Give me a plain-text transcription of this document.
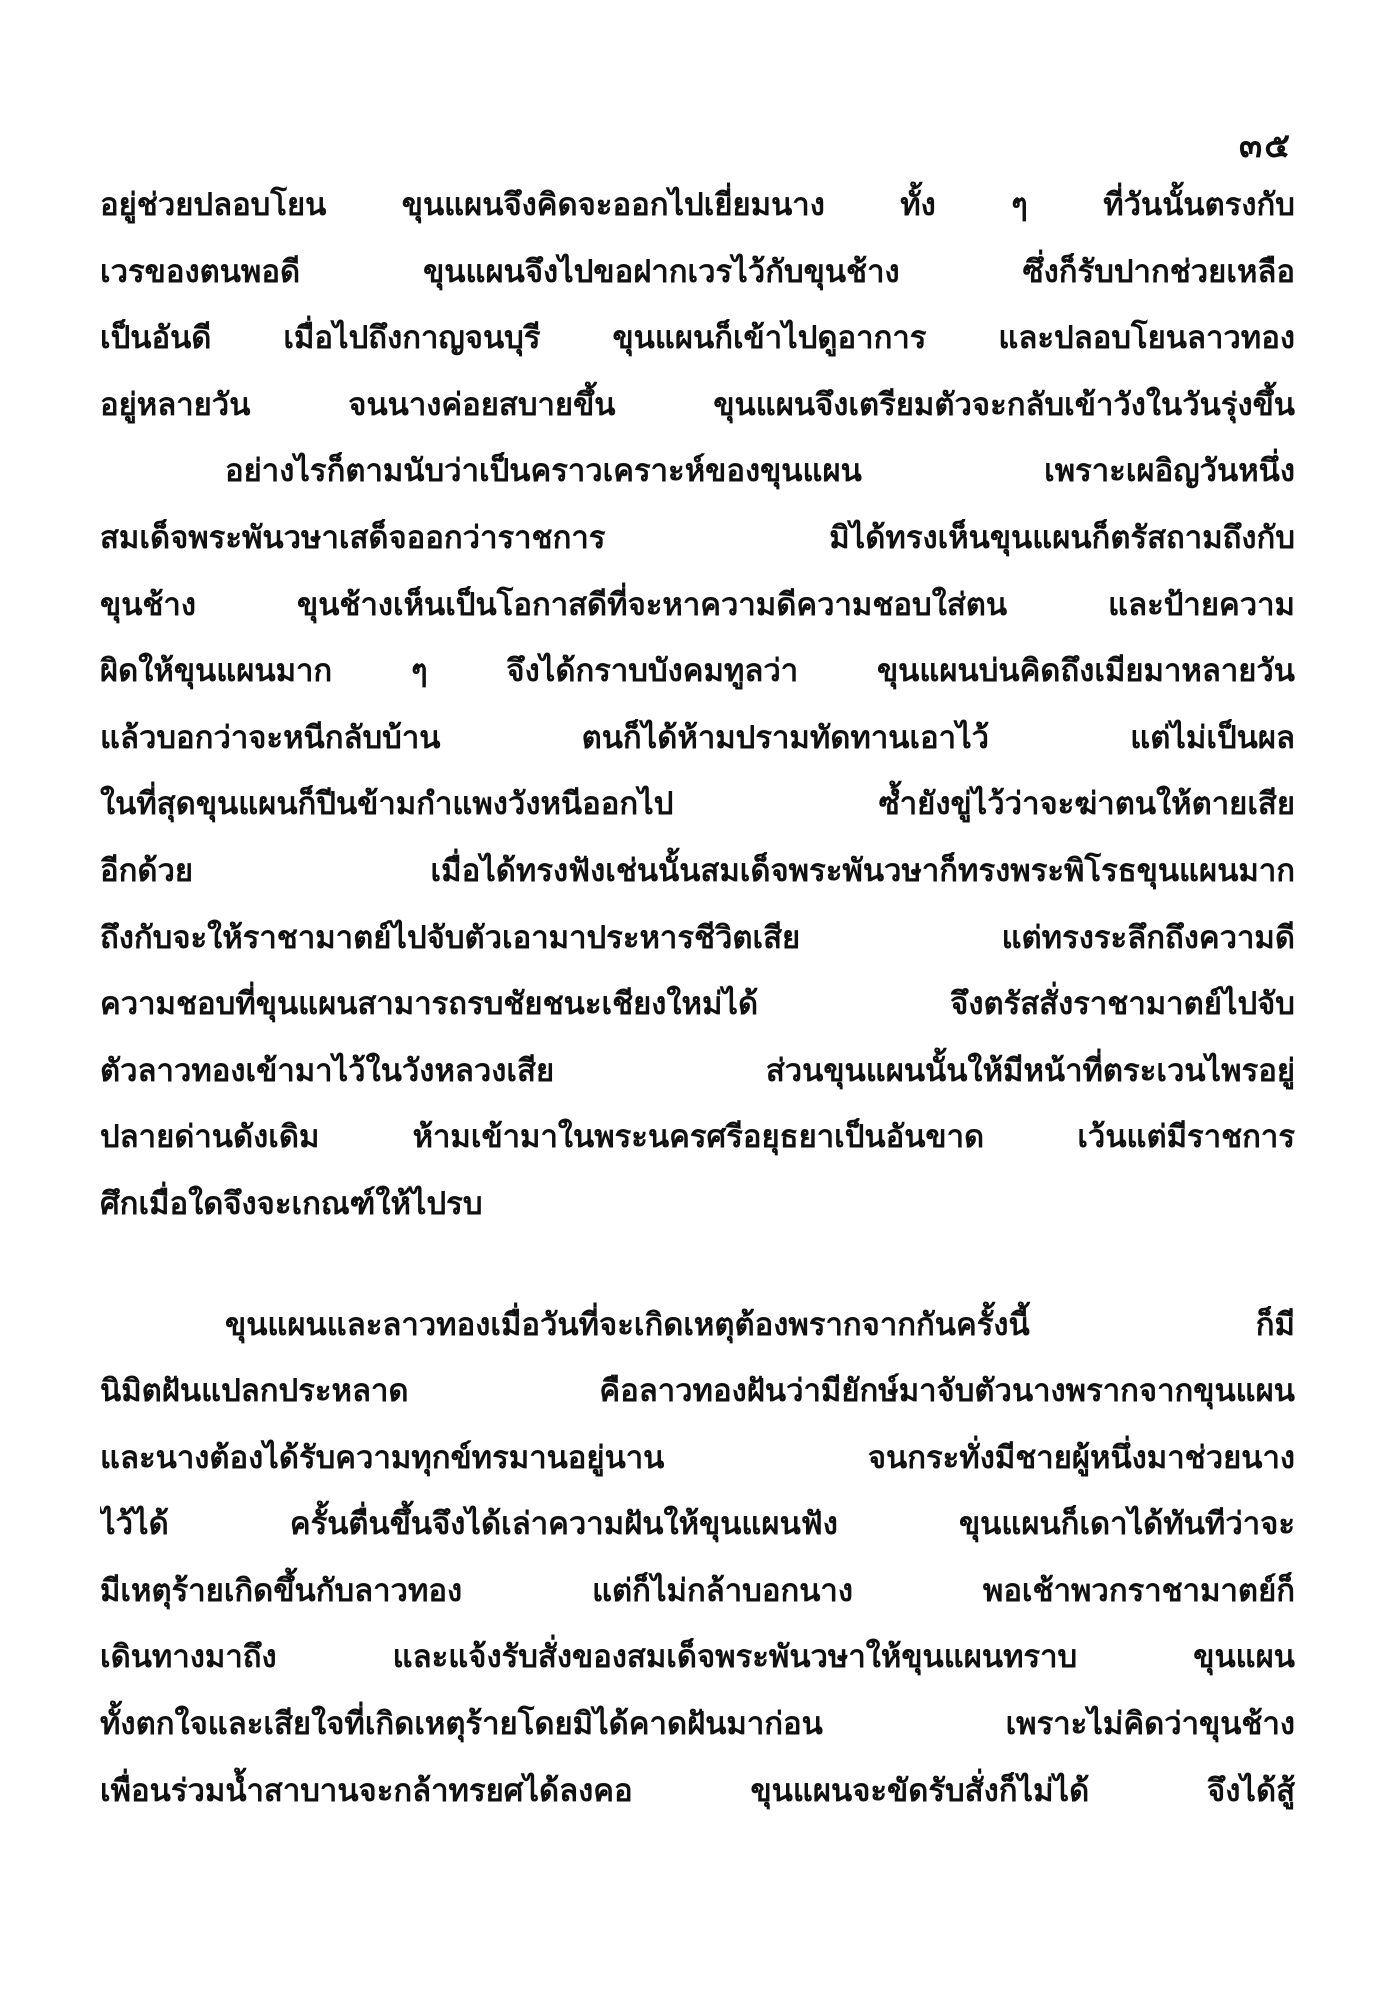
๓๕
อยู่ช่วยปลอบโยน ขุนแผนจึงคิดจะออกไปเยี่ยมนาง ทั้ง ๆ ที่วันนั้นตรงกับ
เวรของตนพอดี ขุนแผนจึงไปขอฝากเวรไว้กับขุนช้าง ซึ่งก็รับปากช่วยเหลือ
เป็นอันดี เมื่อไปถึงกาญจนบุรี ขุนแผนก็เข้าไปดูอาการ และปลอบโยนลาวทอง
อยู่หลายวัน จนนางค่อยสบายขึ้น ขุนแผนจึงเตรียมตัวจะกลับเข้าวังในวันรุ่งขึ้น
อย่างไรก็ตามนับว่าเป็นคราวเคราะห์ของขุนแผน เพราะเผอิญวันหนึ่ง
สมเด็จพระพันวษาเสด็จออกว่าราชการ มิได้ทรงเห็นขุนแผนก็ตรัสถามถึงกับ
ขุนช้าง ขุนช้างเห็นเป็นโอกาสดีที่จะหาความดีความชอบใส่ตน และป้ายความ
ผิดให้ขุนแผนมาก ๆ จึงได้กราบบังคมทูลว่า ขุนแผนบ่นคิดถึงเมียมาหลายวัน
แล้วบอกว่าจะหนีกลับบ้าน ตนก็ได้ห้ามปรามทัดทานเอาไว้ แต่ไม่เป็นผล
ในที่สุดขุนแผนก็ปีนข้ามกำแพงวังหนีออกไป ซ้ำยังขู่ไว้ว่าจะฆ่าตนให้ตายเสีย
อีกด้วย เมื่อได้ทรงฟังเช่นนั้นสมเด็จพระพันวษาก็ทรงพระพิโรธขุนแผนมาก
ถึงกับจะให้ราชามาตย์ไปจับตัวเอามาประหารชีวิตเสีย แต่ทรงระลึกถึงความดี
ความชอบที่ขุนแผนสามารถรบชัยชนะเชียงใหม่ได้ จึงตรัสสั่งราชามาตย์ไปจับ
ตัวลาวทองเข้ามาไว้ในวังหลวงเสีย ส่วนขุนแผนนั้นให้มีหน้าที่ตระเวนไพรอยู่
ปลายด่านดังเดิม ห้ามเข้ามาในพระนครศรีอยุธยาเป็นอันขาด เว้นแต่มีราชการ
ศึกเมื่อใดจึงจะเกณฑ์ให้ไปรบ
ขุนแผนและลาวทองเมื่อวันที่จะเกิดเหตุต้องพรากจากกันครั้งนี้ ก็มี
นิมิตฝันแปลกประหลาด คือลาวทองฝันว่ามียักษ์มาจับตัวนางพรากจากขุนแผน
และนางต้องได้รับความทุกข์ทรมานอยู่นาน จนกระทั่งมีชายผู้หนึ่งมาช่วยนาง
ไว้ได้ ครั้นตื่นขึ้นจึงได้เล่าความฝันให้ขุนแผนฟัง ขุนแผนก็เดาได้ทันทีว่าจะ
มีเหตุร้ายเกิดขึ้นกับลาวทอง แต่ก็ไม่กล้าบอกนาง พอเช้าพวกราชามาตย์ก็
เดินทางมาถึง และแจ้งรับสั่งของสมเด็จพระพันวษาให้ขุนแผนทราบ ขุนแผน
ทั้งตกใจและเสียใจที่เกิดเหตุร้ายโดยมิได้คาดฝันมาก่อน เพราะไม่คิดว่าขุนช้าง
เพื่อนร่วมน้ำสาบานจะกล้าทรยศได้ลงคอ ขุนแผนจะขัดรับสั่งก็ไม่ได้ จึงได้สู้
